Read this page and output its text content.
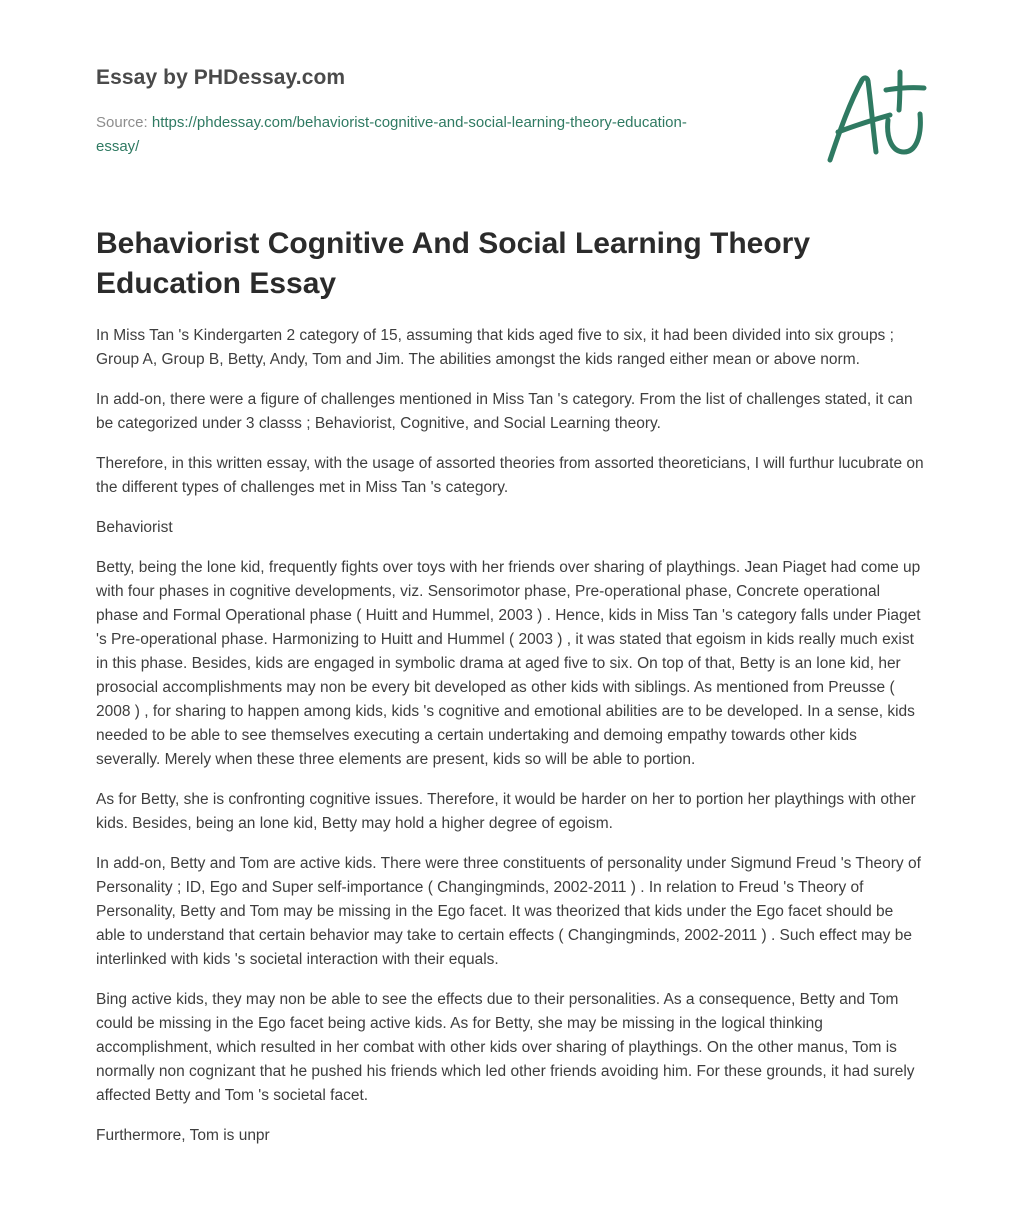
Essay by PHDessay.com
Source: https://phdessay.com/behaviorist-cognitive-and-social-learning-theory-education-essay/
Behaviorist Cognitive And Social Learning Theory Education Essay

In Miss Tan 's Kindergarten 2 category of 15, assuming that kids aged five to six, it had been divided into six groups ; Group A, Group B, Betty, Andy, Tom and Jim. The abilities amongst the kids ranged either mean or above norm.

In add-on, there were a figure of challenges mentioned in Miss Tan 's category. From the list of challenges stated, it can be categorized under 3 classs ; Behaviorist, Cognitive, and Social Learning theory.

Therefore, in this written essay, with the usage of assorted theories from assorted theoreticians, I will furthur lucubrate on the different types of challenges met in Miss Tan 's category.

Behaviorist

Betty, being the lone kid, frequently fights over toys with her friends over sharing of playthings. Jean Piaget had come up with four phases in cognitive developments, viz. Sensorimotor phase, Pre-operational phase, Concrete operational phase and Formal Operational phase ( Huitt and Hummel, 2003 ) . Hence, kids in Miss Tan 's category falls under Piaget 's Pre-operational phase. Harmonizing to Huitt and Hummel ( 2003 ) , it was stated that egoism in kids really much exist in this phase. Besides, kids are engaged in symbolic drama at aged five to six. On top of that, Betty is an lone kid, her prosocial accomplishments may non be every bit developed as other kids with siblings. As mentioned from Preusse ( 2008 ) , for sharing to happen among kids, kids 's cognitive and emotional abilities are to be developed. In a sense, kids needed to be able to see themselves executing a certain undertaking and demoing empathy towards other kids severally. Merely when these three elements are present, kids so will be able to portion.

As for Betty, she is confronting cognitive issues. Therefore, it would be harder on her to portion her playthings with other kids. Besides, being an lone kid, Betty may hold a higher degree of egoism.

In add-on, Betty and Tom are active kids. There were three constituents of personality under Sigmund Freud 's Theory of Personality ; ID, Ego and Super self-importance ( Changingminds, 2002-2011 ) . In relation to Freud 's Theory of Personality, Betty and Tom may be missing in the Ego facet. It was theorized that kids under the Ego facet should be able to understand that certain behavior may take to certain effects ( Changingminds, 2002-2011 ) . Such effect may be interlinked with kids 's societal interaction with their equals.

Bing active kids, they may non be able to see the effects due to their personalities. As a consequence, Betty and Tom could be missing in the Ego facet being active kids. As for Betty, she may be missing in the logical thinking accomplishment, which resulted in her combat with other kids over sharing of playthings. On the other manus, Tom is normally non cognizant that he pushed his friends which led other friends avoiding him. For these grounds, it had surely affected Betty and Tom 's societal facet.

Furthermore, Tom is unpr
